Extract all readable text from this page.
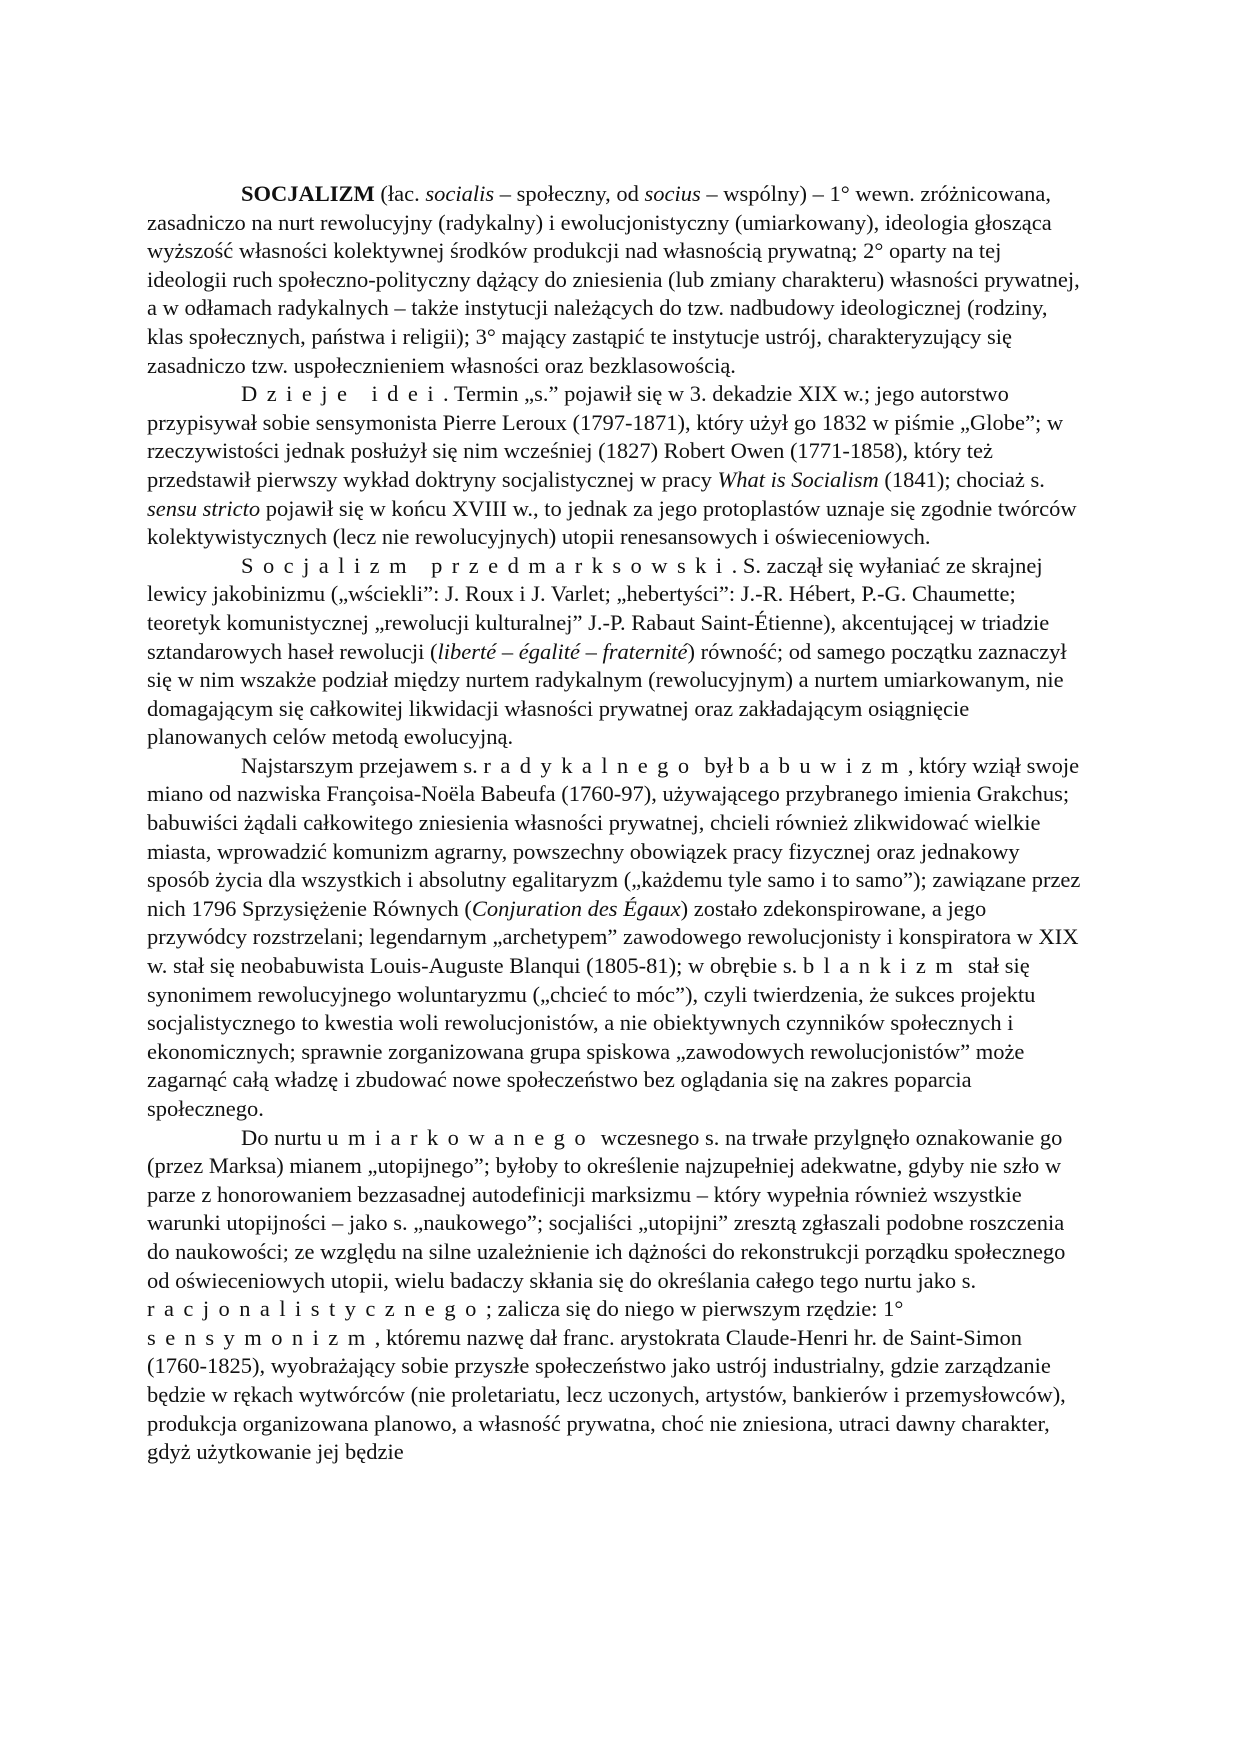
SOCJALIZM (łac. socialis – społeczny, od socius – wspólny) – 1° wewn. zróżnicowana, zasadniczo na nurt rewolucyjny (radykalny) i ewolucjonistyczny (umiarkowany), ideologia głosząca wyższość własności kolektywnej środków produkcji nad własnością prywatną; 2° oparty na tej ideologii ruch społeczno-polityczny dążący do zniesienia (lub zmiany charakteru) własności prywatnej, a w odłamach radykalnych – także instytucji należących do tzw. nadbudowy ideologicznej (rodziny, klas społecznych, państwa i religii); 3° mający zastąpić te instytucje ustrój, charakteryzujący się zasadniczo tzw. uspołecznieniem własności oraz bezklasowością.

Dzieje idei. Termin „s.” pojawił się w 3. dekadzie XIX w.; jego autorstwo przypisywał sobie sensymonista Pierre Leroux (1797-1871), który użył go 1832 w piśmie „Globe”; w rzeczywistości jednak posłużył się nim wcześniej (1827) Robert Owen (1771-1858), który też przedstawił pierwszy wykład doktryny socjalistycznej w pracy What is Socialism (1841); chociaż s. sensu stricto pojawił się w końcu XVIII w., to jednak za jego protoplastów uznaje się zgodnie twórców kolektywistycznych (lecz nie rewolucyjnych) utopii renesansowych i oświeceniowych.

Socjalizm przedmarksowski. S. zaczął się wyłaniać ze skrajnej lewicy jakobinizmu („wściekli”: J. Roux i J. Varlet; „hebertyści”: J.-R. Hébert, P.-G. Chaumette; teoretyk komunistycznej „rewolucji kulturalnej” J.-P. Rabaut Saint-Étienne), akcentującej w triadzie sztandarowych haseł rewolucji (liberté – égalité – fraternité) równość; od samego początku zaznaczył się w nim wszakże podział między nurtem radykalnym (rewolucyjnym) a nurtem umiarkowanym, nie domagającym się całkowitej likwidacji własności prywatnej oraz zakładającym osiągnięcie planowanych celów metodą ewolucyjną.

Najstarszym przejawem s. radykalnego był babuwizm, który wziął swoje miano od nazwiska Françoisa-Noëla Babeufa (1760-97), używającego przybranego imienia Grakchus; babuwiści żądali całkowitego zniesienia własności prywatnej, chcieli również zlikwidować wielkie miasta, wprowadzić komunizm agrarny, powszechny obowiązek pracy fizycznej oraz jednakowy sposób życia dla wszystkich i absolutny egalitaryzm („każdemu tyle samo i to samo”); zawiązane przez nich 1796 Sprzysiężenie Równych (Conjuration des Égaux) zostało zdekonspirowane, a jego przywódcy rozstrzelani; legendarnym „archetypem” zawodowego rewolucjonisty i konspiratora w XIX w. stał się neobabuwista Louis-Auguste Blanqui (1805-81); w obrębie s. blankizm stał się synonimem rewolucyjnego woluntaryzmu („chcieć to móc”), czyli twierdzenia, że sukces projektu socjalistycznego to kwestia woli rewolucjonistów, a nie obiektywnych czynników społecznych i ekonomicznych; sprawnie zorganizowana grupa spiskowa „zawodowych rewolucjonistów” może zagarnąć całą władzę i zbudować nowe społeczeństwo bez oglądania się na zakres poparcia społecznego.

Do nurtu umiarkowanego wczesnego s. na trwałe przylgnęło oznakowanie go (przez Marksa) mianem „utopijnego”; byłoby to określenie najzupełniej adekwatne, gdyby nie szło w parze z honorowaniem bezzasadnej autodefinicji marksizmu – który wypełnia również wszystkie warunki utopijności – jako s. „naukowego”; socjaliści „utopijni” zresztą zgłaszali podobne roszczenia do naukowości; ze względu na silne uzależnienie ich dążności do rekonstrukcji porządku społecznego od oświeceniowych utopii, wielu badaczy skłania się do określania całego tego nurtu jako s. racjonalistycznego; zalicza się do niego w pierwszym rzędzie: 1° sensymonizm, któremu nazwę dał franc. arystokrata Claude-Henri hr. de Saint-Simon (1760-1825), wyobrażający sobie przyszłe społeczeństwo jako ustrój industrialny, gdzie zarządzanie będzie w rękach wytwórców (nie proletariatu, lecz uczonych, artystów, bankierów i przemysłowców), produkcja organizowana planowo, a własność prywatna, choć nie zniesiona, utraci dawny charakter, gdyż użytkowanie jej będzie
